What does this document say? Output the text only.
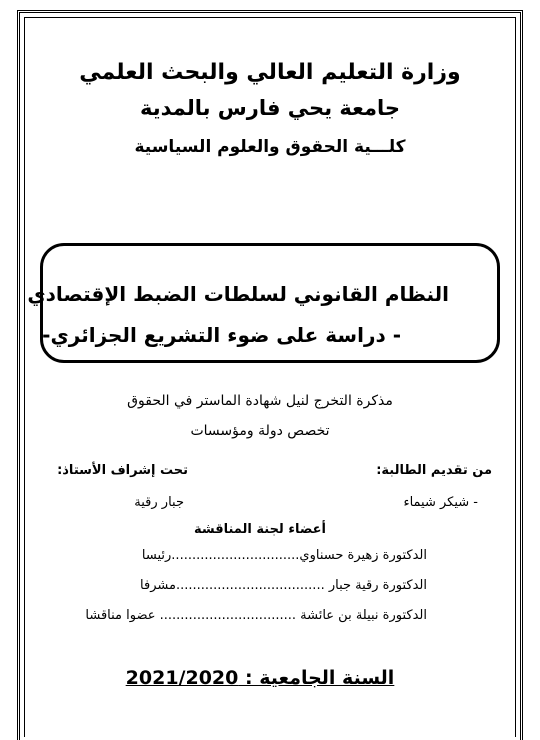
وزارة التعليم العالي والبحث العلمي
جامعة يحي فارس بالمدية
كلـــية الحقوق والعلوم السياسية
النظام القانوني لسلطات الضبط الإقتصادي
- دراسة على ضوء التشريع الجزائري-
مذكرة التخرج لنيل شهادة الماستر في الحقوق
تخصص دولة ومؤسسات
من تقديم الطالبة:
تحت إشراف الأستاذ:
- شيكر شيماء
جبار رقية
أعضاء لجنة المناقشة
الدكتورة زهيرة حسناوي...............................رئيسا
الدكتورة رقية جبار ....................................مشرفا
الدكتورة نبيلة بن عائشة ................................. عضوا مناقشا
السنة الجامعية : 2021/2020
